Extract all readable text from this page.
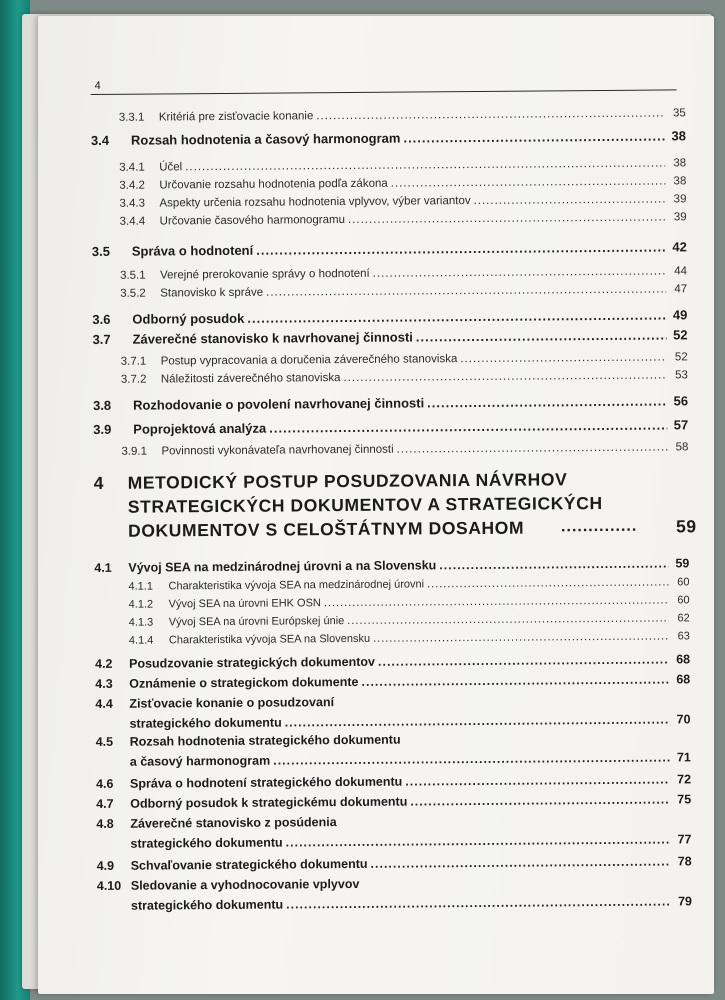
4
4	METODICKÝ POSTUP POSUDZOVANIA NÁVRHOV
STRATEGICKÝCH DOKUMENTOV A STRATEGICKÝCH
DOKUMENTOV S CELOŠTÁTNYM DOSAHOM .............. 59
3.3.1	Kritériá pre zisťovacie konanie .....	35
3.4	Rozsah hodnotenia a časový harmonogram .....	38
3.4.1	Účel .....	38
3.4.2	Určovanie rozsahu hodnotenia podľa zákona .....	38
3.4.3	Aspekty určenia rozsahu hodnotenia vplyvov, výber variantov .....	39
3.4.4	Určovanie časového harmonogramu .....	39
3.5	Správa o hodnotení .....	42
3.5.1	Verejné prerokovanie správy o hodnotení .....	44
3.5.2	Stanovisko k správe .....	47
3.6	Odborný posudok .....	49
3.7	Záverečné stanovisko k navrhovanej činnosti .....	52
3.7.1	Postup vypracovania a doručenia záverečného stanoviska .....	52
3.7.2	Náležitosti záverečného stanoviska .....	53
3.8	Rozhodovanie o povolení navrhovanej činnosti .....	56
3.9	Poprojektová analýza .....	57
3.9.1	Povinnosti vykonávateľa navrhovanej činnosti .....	58
4.1	Vývoj SEA na medzinárodnej úrovni a na Slovensku .....	59
4.1.1	Charakteristika vývoja SEA na medzinárodnej úrovni .....	60
4.1.2	Vývoj SEA na úrovni EHK OSN .....	60
4.1.3	Vývoj SEA na úrovni Európskej únie .....	62
4.1.4	Charakteristika vývoja SEA na Slovensku .....	63
4.2	Posudzovanie strategických dokumentov .....	68
4.3	Oznámenie o strategickom dokumente .....	68
4.4	Zisťovacie konanie o posudzovaní
strategického dokumentu .....	70
4.5	Rozsah hodnotenia strategického dokumentu
a časový harmonogram .....	71
4.6	Správa o hodnotení strategického dokumentu .....	72
4.7	Odborný posudok k strategickému dokumentu .....	75
4.8	Záverečné stanovisko z posúdenia
strategického dokumentu .....	77
4.9	Schvaľovanie strategického dokumentu .....	78
4.10 Sledovanie a vyhodnocovanie vplyvov
strategického dokumentu .....	79
